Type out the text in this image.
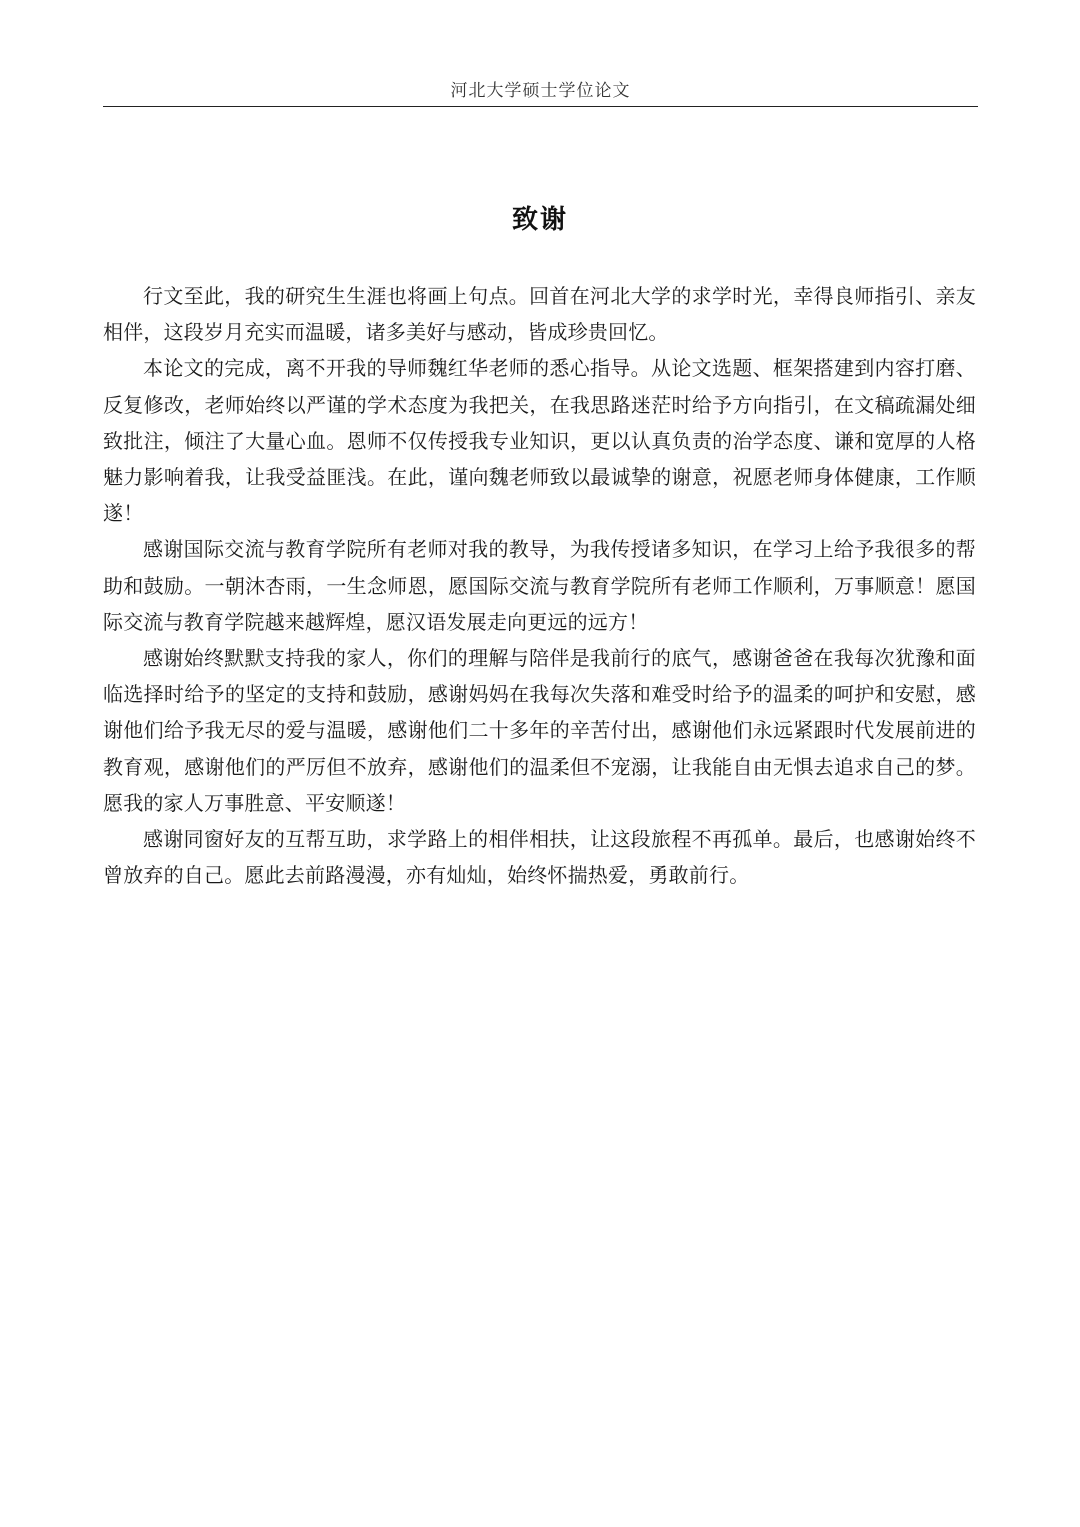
河北大学硕士学位论文
致谢

行文至此，我的研究生生涯也将画上句点。回首在河北大学的求学时光，幸得良师指引、亲友相伴，这段岁月充实而温暖，诸多美好与感动，皆成珍贵回忆。

本论文的完成，离不开我的导师魏红华老师的悉心指导。从论文选题、框架搭建到内容打磨、反复修改，老师始终以严谨的学术态度为我把关，在我思路迷茫时给予方向指引，在文稿疏漏处细致批注，倾注了大量心血。恩师不仅传授我专业知识，更以认真负责的治学态度、谦和宽厚的人格魅力影响着我，让我受益匪浅。在此，谨向魏老师致以最诚挚的谢意，祝愿老师身体健康，工作顺遂！

感谢国际交流与教育学院所有老师对我的教导，为我传授诸多知识，在学习上给予我很多的帮助和鼓励。一朝沐杏雨，一生念师恩，愿国际交流与教育学院所有老师工作顺利，万事顺意！愿国际交流与教育学院越来越辉煌，愿汉语发展走向更远的远方！

感谢始终默默支持我的家人，你们的理解与陪伴是我前行的底气，感谢爸爸在我每次犹豫和面临选择时给予的坚定的支持和鼓励，感谢妈妈在我每次失落和难受时给予的温柔的呵护和安慰，感谢他们给予我无尽的爱与温暖，感谢他们二十多年的辛苦付出，感谢他们永远紧跟时代发展前进的教育观，感谢他们的严厉但不放弃，感谢他们的温柔但不宠溺，让我能自由无惧去追求自己的梦。愿我的家人万事胜意、平安顺遂！

感谢同窗好友的互帮互助，求学路上的相伴相扶，让这段旅程不再孤单。最后，也感谢始终不曾放弃的自己。愿此去前路漫漫，亦有灿灿，始终怀揣热爱，勇敢前行。
